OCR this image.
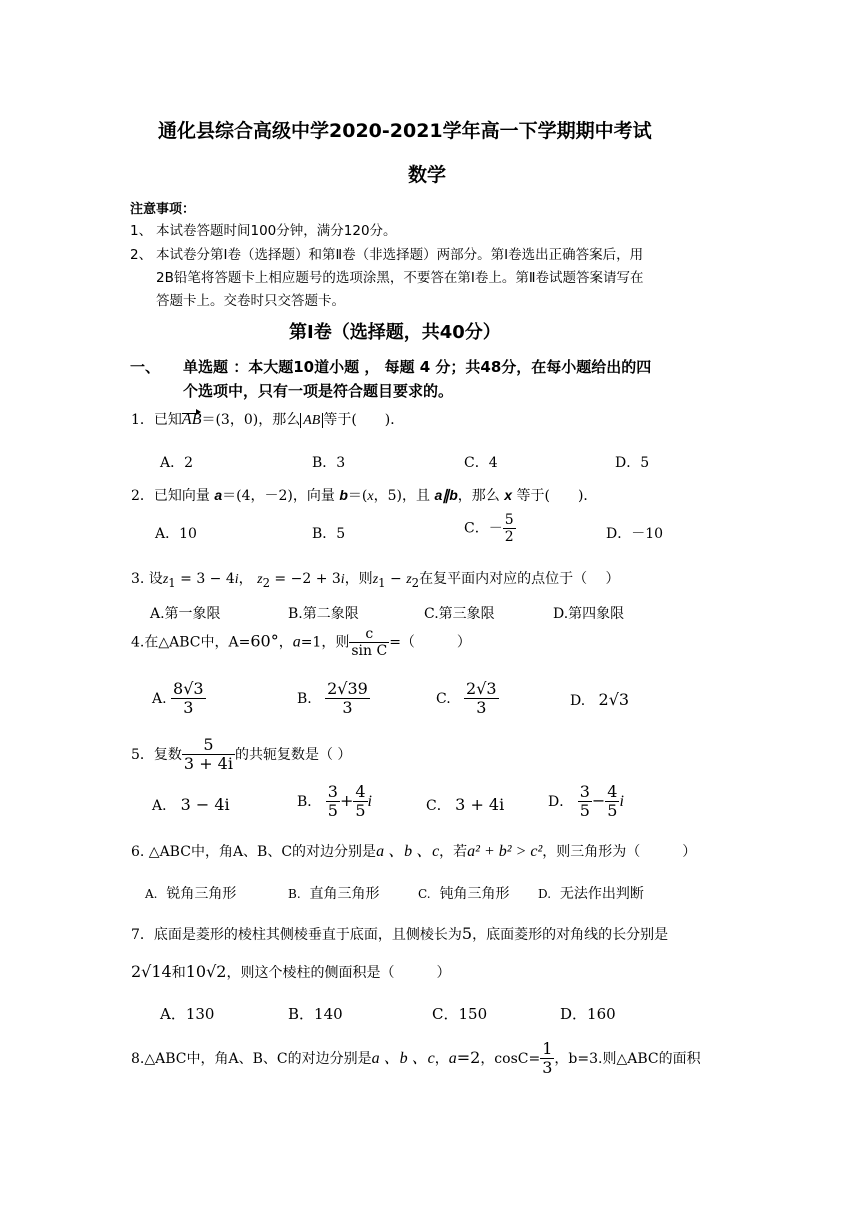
通化县综合高级中学2020-2021学年高一下学期期中考试
数学
注意事项：
1、 本试卷答题时间100分钟，满分120分。
2、 本试卷分第Ⅰ卷（选择题）和第Ⅱ卷（非选择题）两部分。第Ⅰ卷选出正确答案后，用
2B铅笔将答题卡上相应题号的选项涂黑，不要答在第Ⅰ卷上。第Ⅱ卷试题答案请写在
答题卡上。交卷时只交答题卡。
第Ⅰ卷（选择题，共40分）
一、 单选题 ：本大题10道小题 ， 每题 4 分；共48分，在每小题给出的四
个选项中，只有一项是符合题目要求的。
1．已知AB＝(3，0)，那么 AB 等于(　　)．
A．2	B．3	C．4	D．5
2．已知向量 a＝(4，－2)，向量 b＝(x，5)，且 a∥b，那么 x 等于(　　)．
A．10	B．5	C．－ $\frac{5}{2}$	D．－10
3. 设$z_1 = 3 - 4i$， $z_2 = -2 + 3i$，则$z_1 - z_2$在复平面内对应的点位于（　 ）
A.第一象限	B.第二象限	C.第三象限	D.第四象限
4.在△ABC中，A=60°，a=1，则 $\frac{c}{\text{sin C}}$ =（　　　）
A. $\frac{8√3}{3}$	B. $\frac{2√39}{3}$	C. $\frac{2√3}{3}$	D. 2√3
5．复数 $\frac{5}{3 + 4i}$ 的共轭复数是（ ）
A． 3 − 4i	B． $\frac{3}{5} + \frac{4}{5}$ i	C． 3 + 4i	D． $\frac{3}{5} - \frac{4}{5}$ i
6. △ABC中，角A、B、C的对边分别是a 、b 、c，若a² + b² > c²，则三角形为（　　　）
A. 锐角三角形	B. 直角三角形	C. 钝角三角形 D. 无法作出判断
7．底面是菱形的棱柱其侧棱垂直于底面，且侧棱长为5，底面菱形的对角线的长分别是
2√14和10√2，则这个棱柱的侧面积是（　　　）
A．130	B．140	C．150	D．160
8.△ABC中，角A、B、C的对边分别是a 、b 、c，a=2，$\cos C= \frac{1}{3}$ ，b=3.则△ABC的面积
